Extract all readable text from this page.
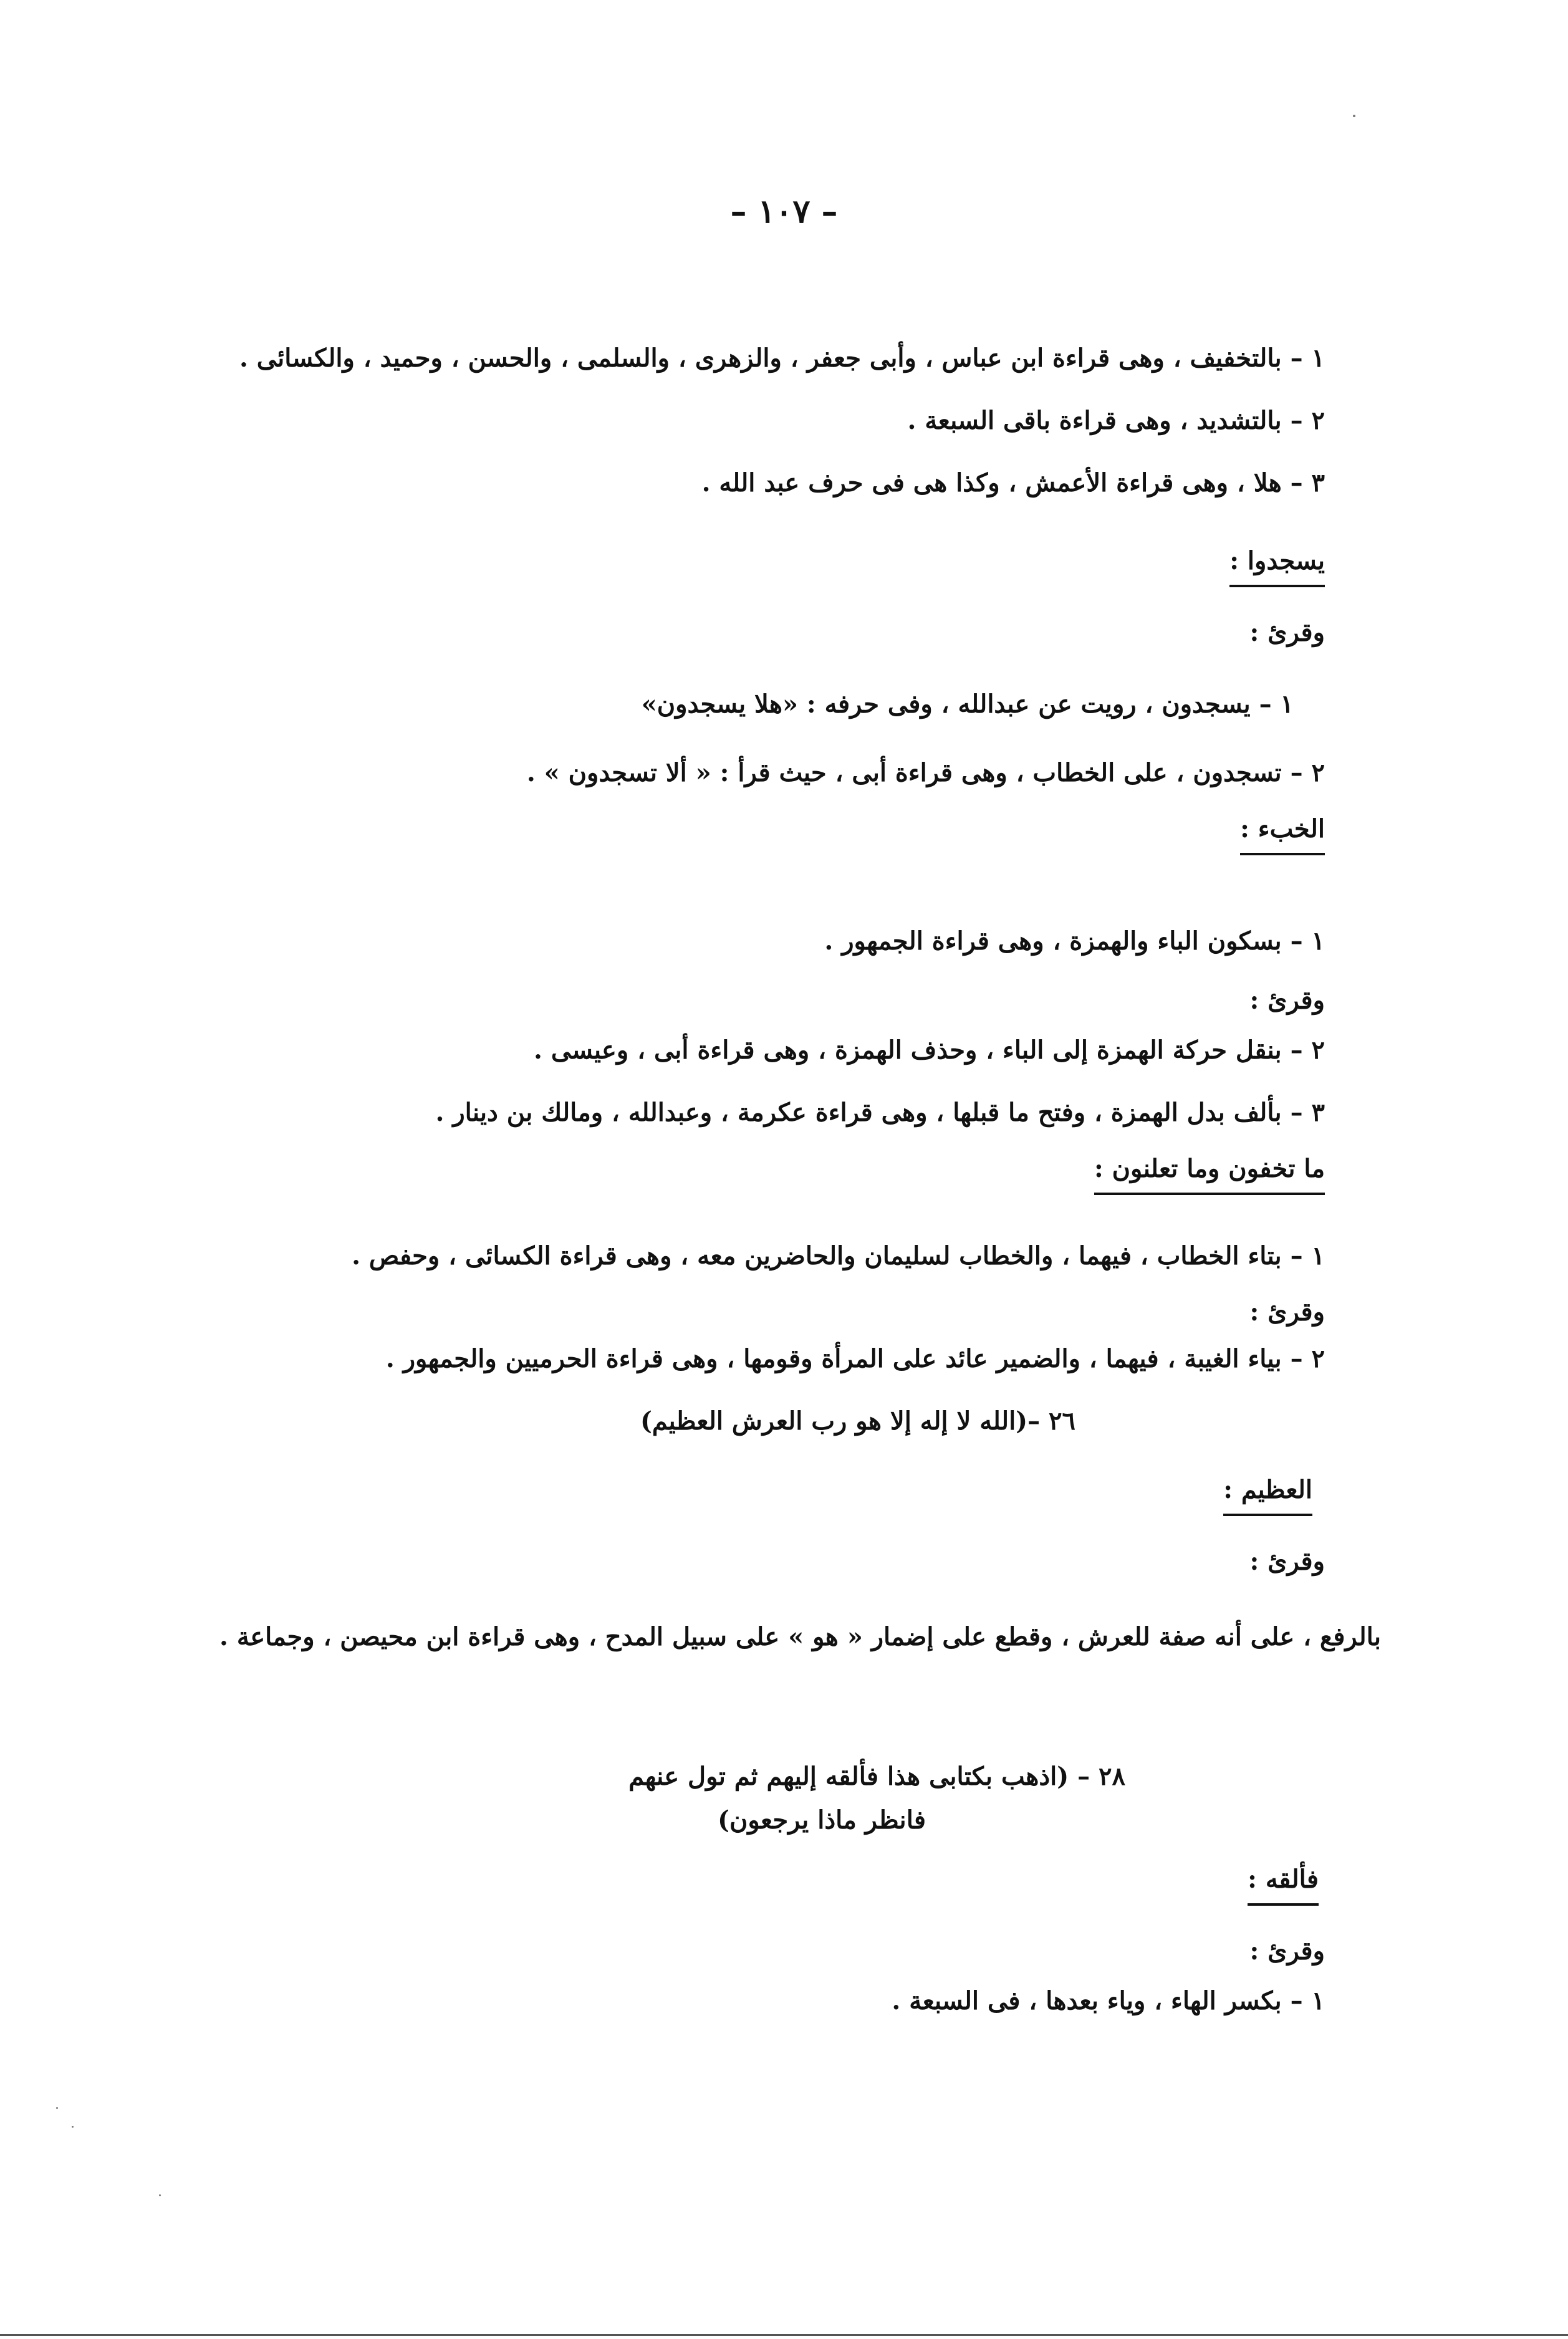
– ١٠٧ –
١ – بالتخفيف ، وهى قراءة ابن عباس ، وأبى جعفر ، والزهرى ، والسلمى ، والحسن ، وحميد ، والكسائى .
٢ – بالتشديد ، وهى قراءة باقى السبعة .
٣ – هلا ، وهى قراءة الأعمش ، وكذا هى فى حرف عبد الله .
يسجدوا :
وقرئ :
١ – يسجدون ، رويت عن عبدالله ، وفى حرفه : «هلا يسجدون»
٢ – تسجدون ، على الخطاب ، وهى قراءة أبى ، حيث قرأ : « ألا تسجدون » .
الخبء :
١ – بسكون الباء والهمزة ، وهى قراءة الجمهور .
وقرئ :
٢ – بنقل حركة الهمزة إلى الباء ، وحذف الهمزة ، وهى قراءة أبى ، وعيسى .
٣ – بألف بدل الهمزة ، وفتح ما قبلها ، وهى قراءة عكرمة ، وعبدالله ، ومالك بن دينار .
ما تخفون وما تعلنون :
١ – بتاء الخطاب ، فيهما ، والخطاب لسليمان والحاضرين معه ، وهى قراءة الكسائى ، وحفص .
وقرئ :
٢ – بياء الغيبة ، فيهما ، والضمير عائد على المرأة وقومها ، وهى قراءة الحرميين والجمهور .
٢٦ –(الله لا إله إلا هو رب العرش العظيم)
العظيم :
وقرئ :
بالرفع ، على أنه صفة للعرش ، وقطع على إضمار « هو » على سبيل المدح ، وهى قراءة ابن محيصن ، وجماعة .
٢٨ – (اذهب بكتابى هذا فألقه إليهم ثم تول عنهم
فانظر ماذا يرجعون)
فألقه :
وقرئ :
١ – بكسر الهاء ، وياء بعدها ، فى السبعة .
